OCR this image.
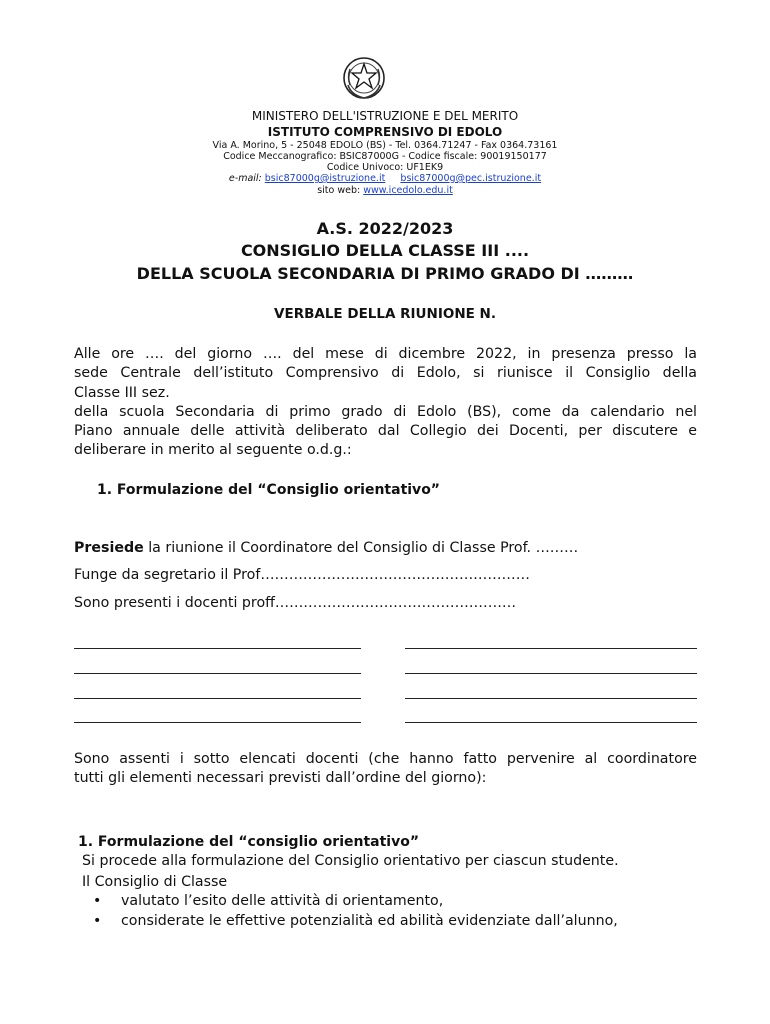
MINISTERO DELL'ISTRUZIONE E DEL MERITO
ISTITUTO COMPRENSIVO DI EDOLO
Via A. Morino, 5 - 25048 EDOLO (BS) - Tel. 0364.71247 - Fax 0364.73161
Codice Meccanografico: BSIC87000G - Codice fiscale: 90019150177
Codice Univoco: UF1EK9
e-mail: bsic87000g@istruzione.it bsic87000g@pec.istruzione.it
sito web: www.icedolo.edu.it
A.S. 2022/2023
CONSIGLIO DELLA CLASSE III ....
DELLA SCUOLA SECONDARIA DI PRIMO GRADO DI ………
VERBALE DELLA RIUNIONE N.
Alle ore …. del giorno …. del mese di dicembre 2022, in presenza presso la
sede Centrale dell’istituto Comprensivo di Edolo, si riunisce il Consiglio della
Classe III sez.
della scuola Secondaria di primo grado di Edolo (BS), come da calendario nel
Piano annuale delle attività deliberato dal Collegio dei Docenti, per discutere e
deliberare in merito al seguente o.d.g.:
1. Formulazione del “Consiglio orientativo”
Presiede la riunione il Coordinatore del Consiglio di Classe Prof. ………
Funge da segretario il Prof…………………………………………………
Sono presenti i docenti proff……………………………………………
Sono assenti i sotto elencati docenti (che hanno fatto pervenire al coordinatore
tutti gli elementi necessari previsti dall’ordine del giorno):
1. Formulazione del “consiglio orientativo”
Si procede alla formulazione del Consiglio orientativo per ciascun studente.
Il Consiglio di Classe
• valutato l’esito delle attività di orientamento,
• considerate le effettive potenzialità ed abilità evidenziate dall’alunno,
